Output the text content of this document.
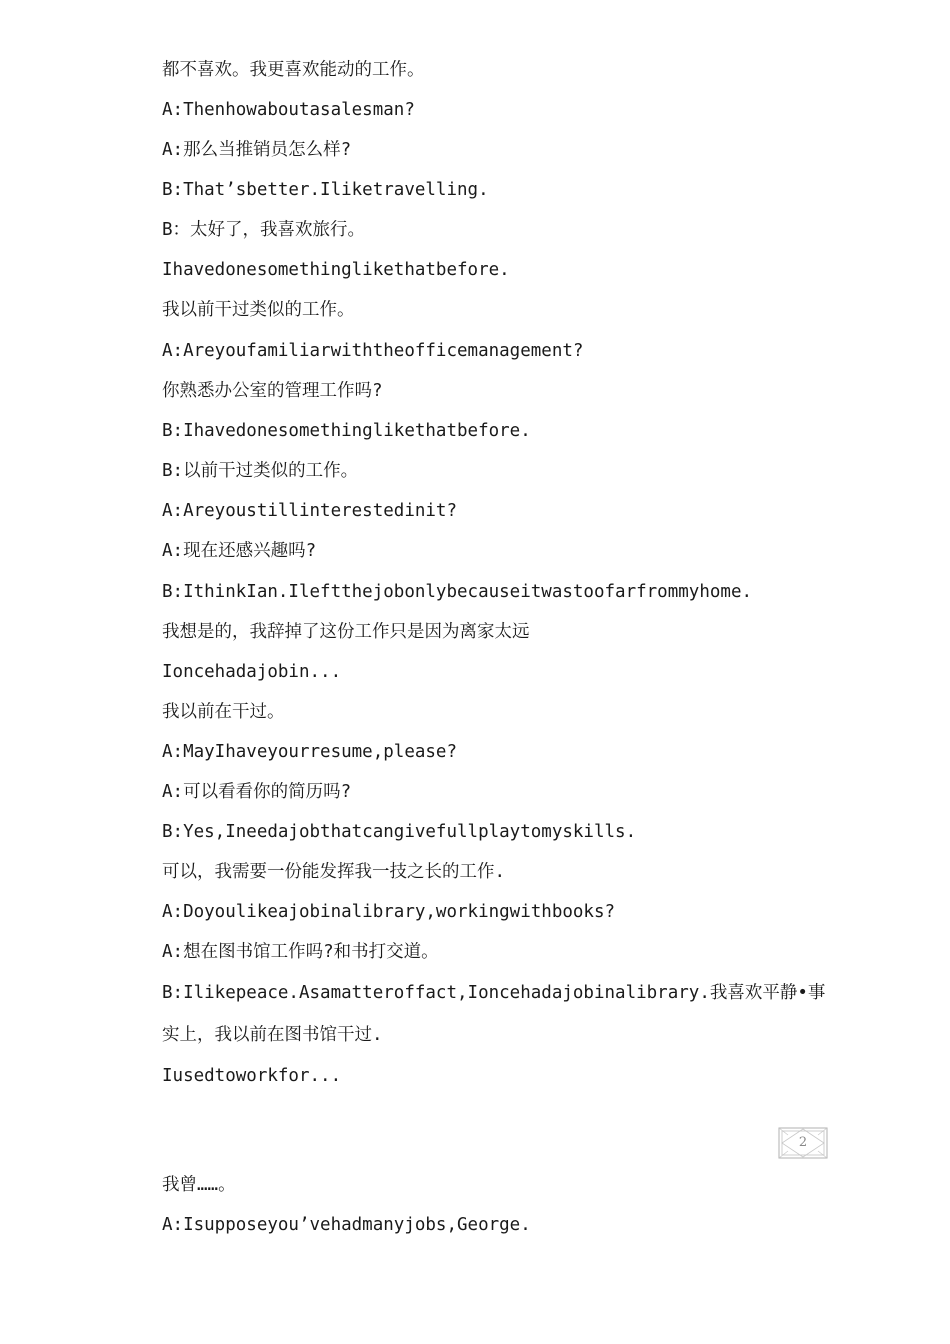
都不喜欢。我更喜欢能动的工作。
A:Thenhowaboutasalesman?
A:那么当推销员怎么样?
B:That’sbetter.Iliketravelling.
B：太好了，我喜欢旅行。
Ihavedonesomethinglikethatbefore.
我以前干过类似的工作。
A:Areyoufamiliarwiththeofficemanagement?
你熟悉办公室的管理工作吗?
B:Ihavedonesomethinglikethatbefore.
B:以前干过类似的工作。
A:Areyoustillinterestedinit?
A:现在还感兴趣吗?
B:IthinkIan.Ileftthejobonlybecauseitwastoofarfrommyhome.
我想是的，我辞掉了这份工作只是因为离家太远
Ioncehadajobin...
我以前在干过。
A:MayIhaveyourresume,please?
A:可以看看你的简历吗?
B:Yes,Ineedajobthatcangivefullplaytomyskills.
可以，我需要一份能发挥我一技之长的工作.
A:Doyoulikeajobinalibrary,workingwithbooks?
A:想在图书馆工作吗?和书打交道。
B:Ilikepeace.Asamatteroffact,Ioncehadajobinalibrary.我喜欢平静•事
实上，我以前在图书馆干过.
Iusedtoworkfor...
2
我曾……。
A:Isupposeyou’vehadmanyjobs,George.
